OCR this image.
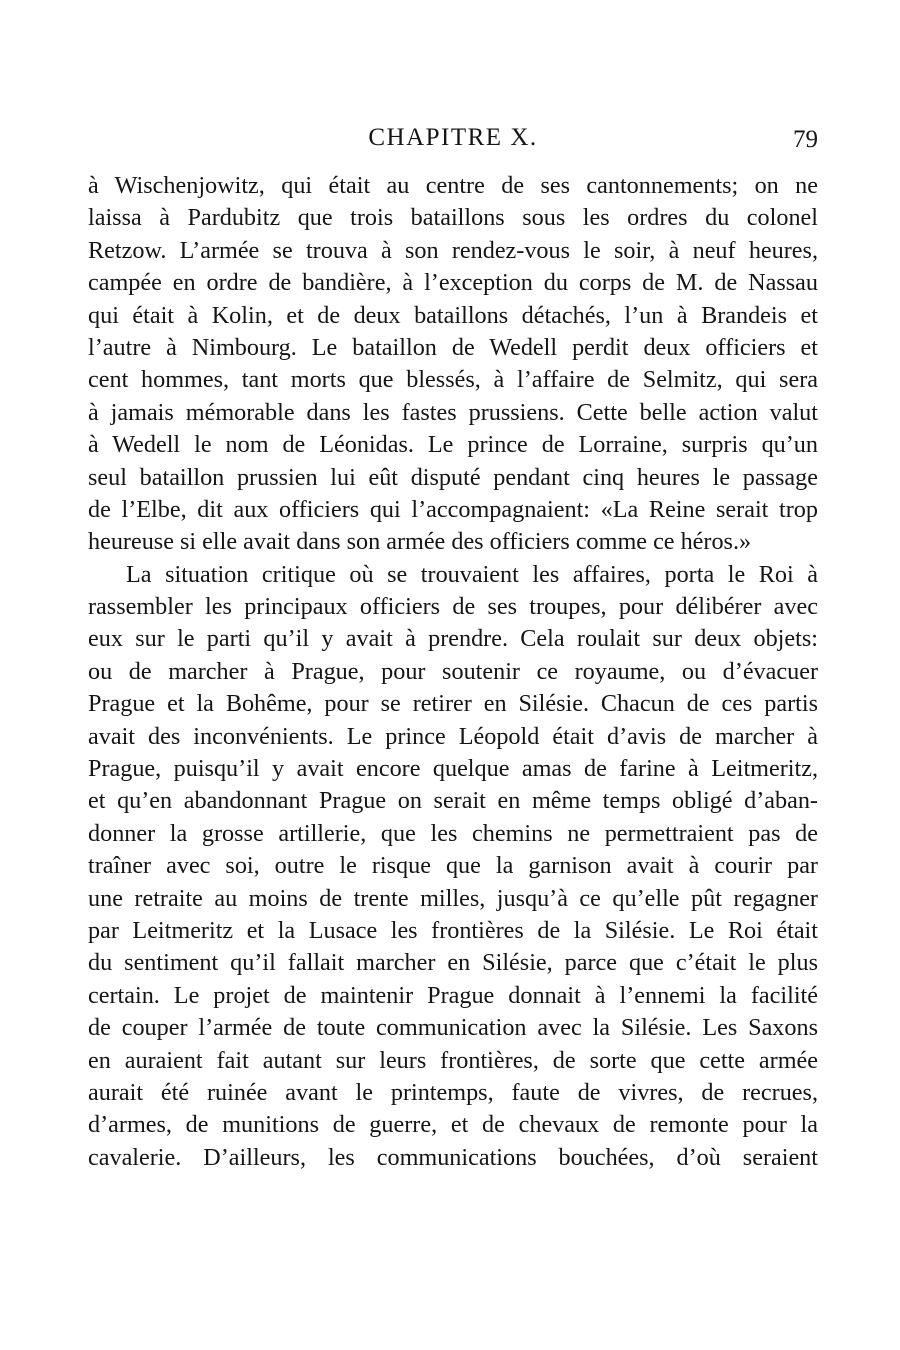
CHAPITRE X.	79
à Wischenjowitz, qui était au centre de ses cantonnements; on ne
laissa à Pardubitz que trois bataillons sous les ordres du colonel
Retzow. L’armée se trouva à son rendez-vous le soir, à neuf heures,
campée en ordre de bandière, à l’exception du corps de M. de Nassau
qui était à Kolin, et de deux bataillons détachés, l’un à Brandeis et
l’autre à Nimbourg. Le bataillon de Wedell perdit deux officiers et
cent hommes, tant morts que blessés, à l’affaire de Selmitz, qui sera
à jamais mémorable dans les fastes prussiens. Cette belle action valut
à Wedell le nom de Léonidas. Le prince de Lorraine, surpris qu’un
seul bataillon prussien lui eût disputé pendant cinq heures le passage
de l’Elbe, dit aux officiers qui l’accompagnaient: «La Reine serait trop
heureuse si elle avait dans son armée des officiers comme ce héros.»
La situation critique où se trouvaient les affaires, porta le Roi à
rassembler les principaux officiers de ses troupes, pour délibérer avec
eux sur le parti qu’il y avait à prendre. Cela roulait sur deux objets:
ou de marcher à Prague, pour soutenir ce royaume, ou d’évacuer
Prague et la Bohême, pour se retirer en Silésie. Chacun de ces partis
avait des inconvénients. Le prince Léopold était d’avis de marcher à
Prague, puisqu’il y avait encore quelque amas de farine à Leitmeritz,
et qu’en abandonnant Prague on serait en même temps obligé d’aban-
donner la grosse artillerie, que les chemins ne permettraient pas de
traîner avec soi, outre le risque que la garnison avait à courir par
une retraite au moins de trente milles, jusqu’à ce qu’elle pût regagner
par Leitmeritz et la Lusace les frontières de la Silésie. Le Roi était
du sentiment qu’il fallait marcher en Silésie, parce que c’était le plus
certain. Le projet de maintenir Prague donnait à l’ennemi la facilité
de couper l’armée de toute communication avec la Silésie. Les Saxons
en auraient fait autant sur leurs frontières, de sorte que cette armée
aurait été ruinée avant le printemps, faute de vivres, de recrues,
d’armes, de munitions de guerre, et de chevaux de remonte pour la
cavalerie. D’ailleurs, les communications bouchées, d’où seraient
